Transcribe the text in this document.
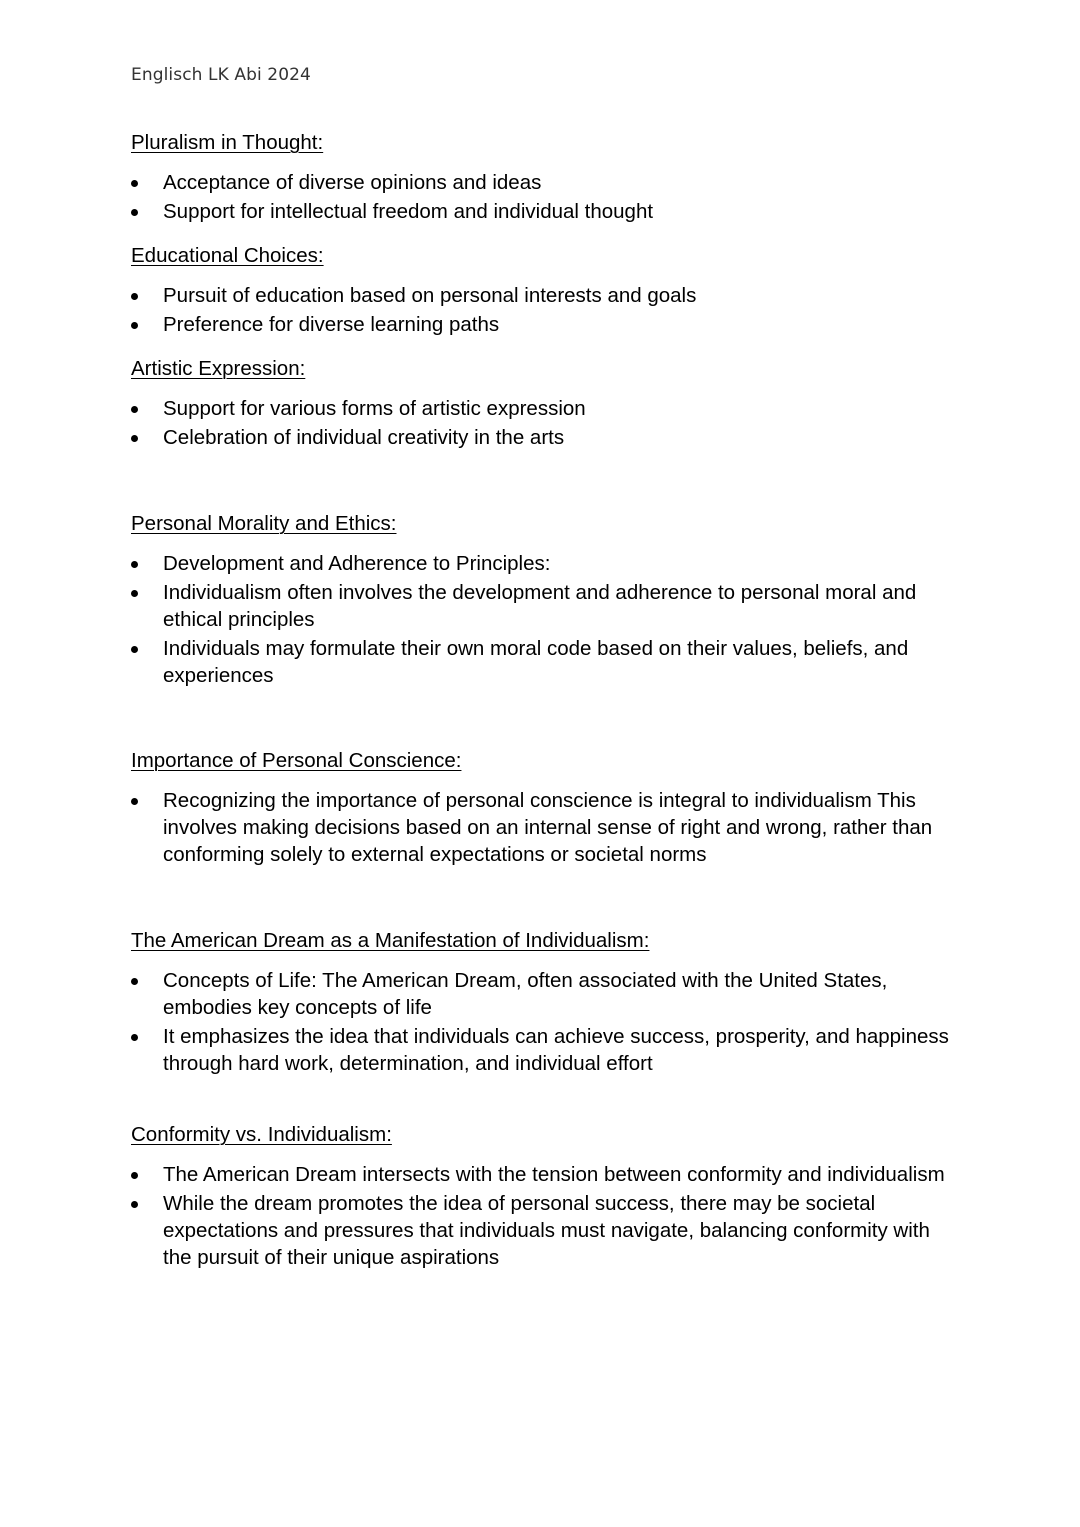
Englisch LK Abi 2024
Pluralism in Thought:
Acceptance of diverse opinions and ideas
Support for intellectual freedom and individual thought
Educational Choices:
Pursuit of education based on personal interests and goals
Preference for diverse learning paths
Artistic Expression:
Support for various forms of artistic expression
Celebration of individual creativity in the arts
Personal Morality and Ethics:
Development and Adherence to Principles:
Individualism often involves the development and adherence to personal moral and ethical principles
Individuals may formulate their own moral code based on their values, beliefs, and experiences
Importance of Personal Conscience:
Recognizing the importance of personal conscience is integral to individualism This involves making decisions based on an internal sense of right and wrong, rather than conforming solely to external expectations or societal norms
The American Dream as a Manifestation of Individualism:
Concepts of Life: The American Dream, often associated with the United States, embodies key concepts of life
It emphasizes the idea that individuals can achieve success, prosperity, and happiness through hard work, determination, and individual effort
Conformity vs. Individualism:
The American Dream intersects with the tension between conformity and individualism
While the dream promotes the idea of personal success, there may be societal expectations and pressures that individuals must navigate, balancing conformity with the pursuit of their unique aspirations
